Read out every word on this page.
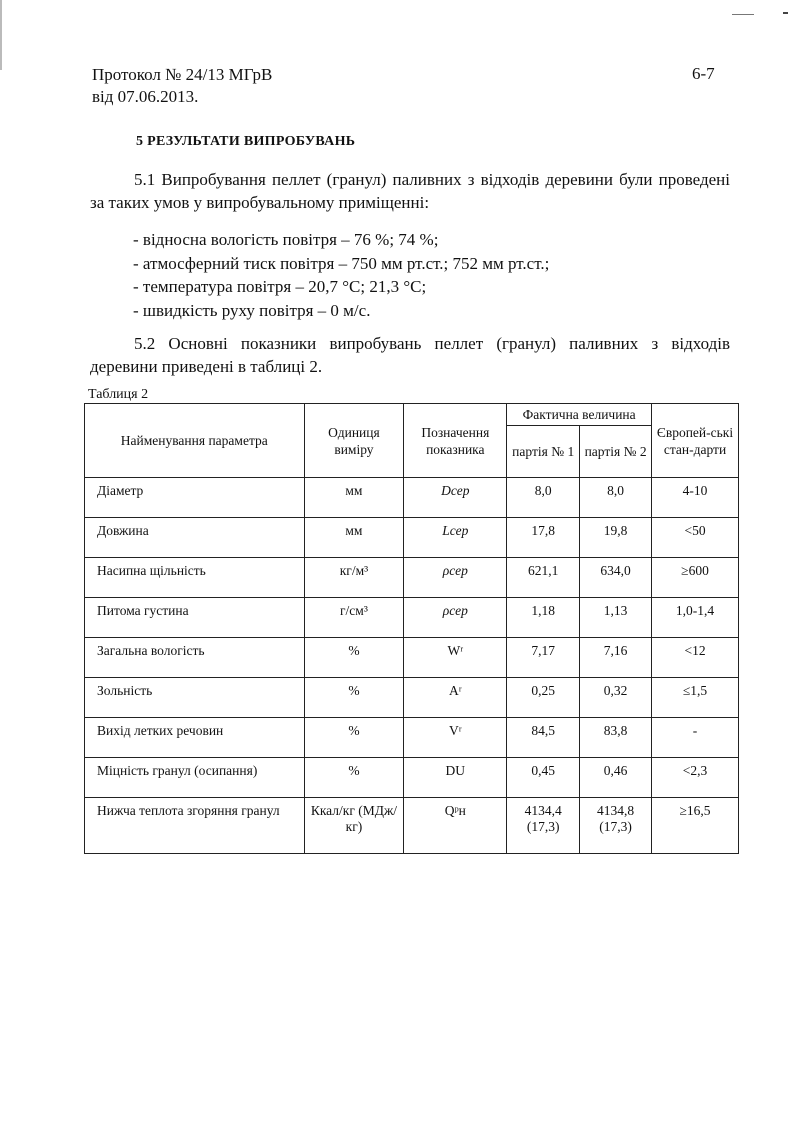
Протокол № 24/13 МГрВ
від 07.06.2013.
6-7
5 РЕЗУЛЬТАТИ ВИПРОБУВАНЬ
5.1 Випробування пеллет (гранул) паливних з відходів деревини були проведені за таких умов у випробувальному приміщенні:
- відносна вологість повітря – 76 %; 74 %;
- атмосферний тиск повітря – 750 мм рт.ст.; 752 мм рт.ст.;
- температура повітря – 20,7 °С; 21,3 °С;
- швидкість руху повітря – 0 м/с.
5.2 Основні показники випробувань пеллет (гранул) паливних з відходів деревини приведені в таблиці 2.
Таблиця 2
Найменування параметра	Одиниця виміру	Позначення показника	Фактична величина		Європей-ські стан-дарти
			партія № 1	партія № 2	
Діаметр	мм	Dсер	8,0	8,0	4-10
Довжина	мм	Lсер	17,8	19,8	<50
Насипна щільність	кг/м³	ρсер	621,1	634,0	≥600
Питома густина	г/см³	ρсер	1,18	1,13	1,0-1,4
Загальна вологість	%	Wʳ	7,17	7,16	<12
Зольність	%	Aʳ	0,25	0,32	≤1,5
Вихід летких речовин	%	Vʳ	84,5	83,8	-
Міцність гранул (осипання)	%	DU	0,45	0,46	<2,3
Нижча теплота згоряння гранул	Ккал/кг (МДж/кг)	Qᵖн	4134,4 (17,3)	4134,8 (17,3)	≥16,5
